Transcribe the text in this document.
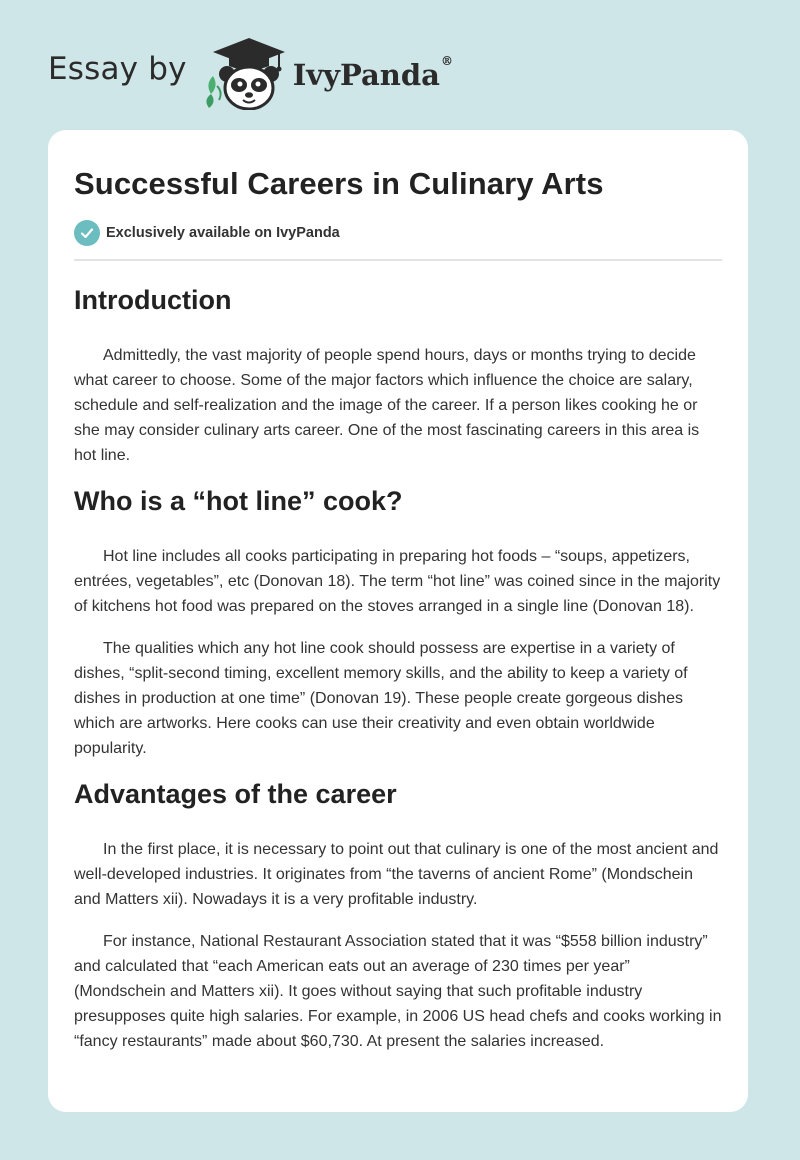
Essay by	IvyPanda®
Successful Careers in Culinary Arts
Exclusively available on IvyPanda
Introduction

Admittedly, the vast majority of people spend hours, days or months trying to decide what career to choose. Some of the major factors which influence the choice are salary, schedule and self-realization and the image of the career. If a person likes cooking he or she may consider culinary arts career. One of the most fascinating careers in this area is hot line.

Who is a “hot line” cook?

Hot line includes all cooks participating in preparing hot foods – “soups, appetizers, entrées, vegetables”, etc (Donovan 18). The term “hot line” was coined since in the majority of kitchens hot food was prepared on the stoves arranged in a single line (Donovan 18).

The qualities which any hot line cook should possess are expertise in a variety of dishes, “split-second timing, excellent memory skills, and the ability to keep a variety of dishes in production at one time” (Donovan 19). These people create gorgeous dishes which are artworks. Here cooks can use their creativity and even obtain worldwide popularity.

Advantages of the career

In the first place, it is necessary to point out that culinary is one of the most ancient and well-developed industries. It originates from “the taverns of ancient Rome” (Mondschein and Matters xii). Nowadays it is a very profitable industry.

For instance, National Restaurant Association stated that it was “$558 billion industry” and calculated that “each American eats out an average of 230 times per year” (Mondschein and Matters xii). It goes without saying that such profitable industry presupposes quite high salaries. For example, in 2006 US head chefs and cooks working in “fancy restaurants” made about $60,730. At present the salaries increased.
